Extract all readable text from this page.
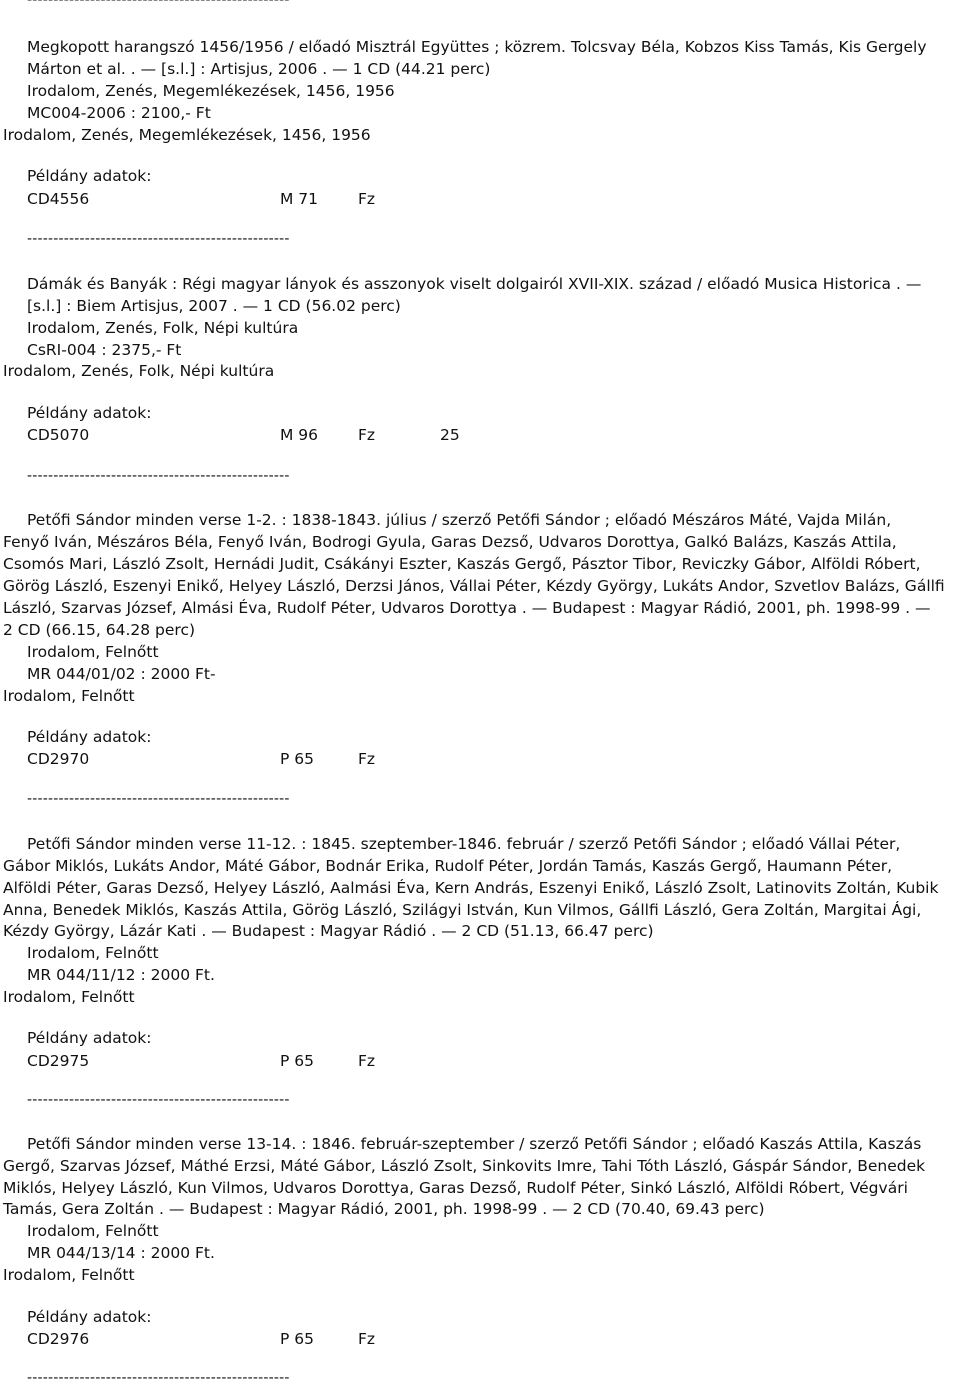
--------------------------------------------------
Megkopott harangszó 1456/1956 / előadó Misztrál Együttes ; közrem. Tolcsvay Béla, Kobzos Kiss Tamás, Kis Gergely
Márton et al. . — [s.l.] : Artisjus, 2006 . — 1 CD (44.21 perc)
Irodalom, Zenés, Megemlékezések, 1456, 1956
MC004-2006 : 2100,- Ft
Irodalom, Zenés, Megemlékezések, 1456, 1956
Példány adatok:
CD4556	M 71	Fz
--------------------------------------------------
Dámák és Banyák : Régi magyar lányok és asszonyok viselt dolgairól XVII-XIX. század / előadó Musica Historica . —
[s.l.] : Biem Artisjus, 2007 . — 1 CD (56.02 perc)
Irodalom, Zenés, Folk, Népi kultúra
CsRI-004 : 2375,- Ft
Irodalom, Zenés, Folk, Népi kultúra
Példány adatok:
CD5070	M 96	Fz	25
--------------------------------------------------
Petőfi Sándor minden verse 1-2. : 1838-1843. július / szerző Petőfi Sándor ; előadó Mészáros Máté, Vajda Milán,
Fenyő Iván, Mészáros Béla, Fenyő Iván, Bodrogi Gyula, Garas Dezső, Udvaros Dorottya, Galkó Balázs, Kaszás Attila,
Csomós Mari, László Zsolt, Hernádi Judit, Csákányi Eszter, Kaszás Gergő, Pásztor Tibor, Reviczky Gábor, Alföldi Róbert,
Görög László, Eszenyi Enikő, Helyey László, Derzsi János, Vállai Péter, Kézdy György, Lukáts Andor, Szvetlov Balázs, Gállfi
László, Szarvas József, Almási Éva, Rudolf Péter, Udvaros Dorottya . — Budapest : Magyar Rádió, 2001, ph. 1998-99 . —
2 CD (66.15, 64.28 perc)
Irodalom, Felnőtt
MR 044/01/02 : 2000 Ft-
Irodalom, Felnőtt
Példány adatok:
CD2970	P 65	Fz
--------------------------------------------------
Petőfi Sándor minden verse 11-12. : 1845. szeptember-1846. február / szerző Petőfi Sándor ; előadó Vállai Péter,
Gábor Miklós, Lukáts Andor, Máté Gábor, Bodnár Erika, Rudolf Péter, Jordán Tamás, Kaszás Gergő, Haumann Péter,
Alföldi Péter, Garas Dezső, Helyey László, Aalmási Éva, Kern András, Eszenyi Enikő, László Zsolt, Latinovits Zoltán, Kubik
Anna, Benedek Miklós, Kaszás Attila, Görög László, Szilágyi István, Kun Vilmos, Gállfi László, Gera Zoltán, Margitai Ági,
Kézdy György, Lázár Kati . — Budapest : Magyar Rádió . — 2 CD (51.13, 66.47 perc)
Irodalom, Felnőtt
MR 044/11/12 : 2000 Ft.
Irodalom, Felnőtt
Példány adatok:
CD2975	P 65	Fz
--------------------------------------------------
Petőfi Sándor minden verse 13-14. : 1846. február-szeptember / szerző Petőfi Sándor ; előadó Kaszás Attila, Kaszás
Gergő, Szarvas József, Máthé Erzsi, Máté Gábor, László Zsolt, Sinkovits Imre, Tahi Tóth László, Gáspár Sándor, Benedek
Miklós, Helyey László, Kun Vilmos, Udvaros Dorottya, Garas Dezső, Rudolf Péter, Sinkó László, Alföldi Róbert, Végvári
Tamás, Gera Zoltán . — Budapest : Magyar Rádió, 2001, ph. 1998-99 . — 2 CD (70.40, 69.43 perc)
Irodalom, Felnőtt
MR 044/13/14 : 2000 Ft.
Irodalom, Felnőtt
Példány adatok:
CD2976	P 65	Fz
--------------------------------------------------
